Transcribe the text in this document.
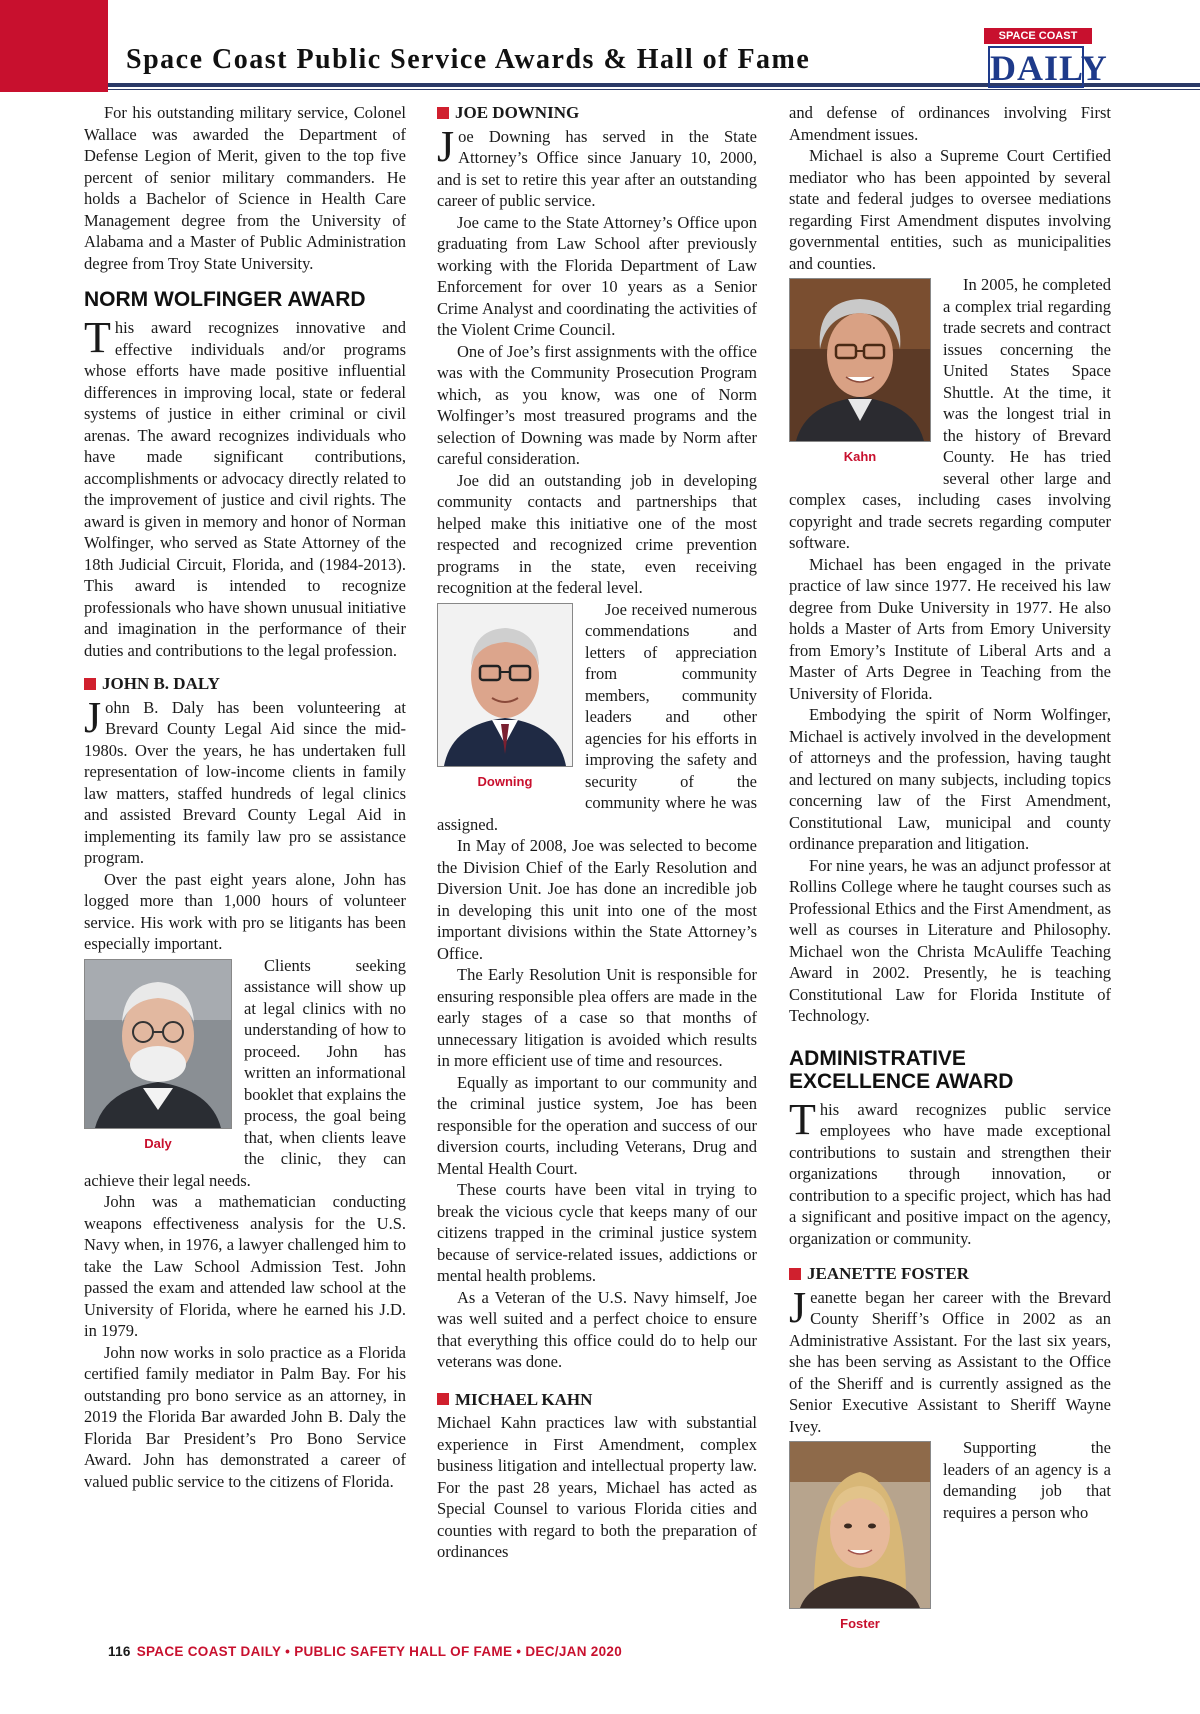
Space Coast Public Service Awards & Hall of Fame
SPACE COAST
DAILY

For his outstanding military service, Colonel Wallace was awarded the Department of Defense Legion of Merit, given to the top five percent of senior military commanders. He holds a Bachelor of Science in Health Care Management degree from the University of Alabama and a Master of Public Administration degree from Troy State University.

NORM WOLFINGER AWARD

This award recognizes innovative and effective individuals and/or programs whose efforts have made positive influential differences in improving local, state or federal systems of justice in either criminal or civil arenas. The award recognizes individuals who have made significant contributions, accomplishments or advocacy directly related to the improvement of justice and civil rights. The award is given in memory and honor of Norman Wolfinger, who served as State Attorney of the 18th Judicial Circuit, Florida, and (1984-2013). This award is intended to recognize professionals who have shown unusual initiative and imagination in the performance of their duties and contributions to the legal profession.

JOHN B. DALY

John B. Daly has been volunteering at Brevard County Legal Aid since the mid-1980s. Over the years, he has undertaken full representation of low-income clients in family law matters, staffed hundreds of legal clinics and assisted Brevard County Legal Aid in implementing its family law pro se assistance program.

Over the past eight years alone, John has logged more than 1,000 hours of volunteer service. His work with pro se litigants has been especially important.

Daly

Clients seeking assistance will show up at legal clinics with no understanding of how to proceed. John has written an informational booklet that explains the process, the goal being that, when clients leave the clinic, they can achieve their legal needs.

John was a mathematician conducting weapons effectiveness analysis for the U.S. Navy when, in 1976, a lawyer challenged him to take the Law School Admission Test. John passed the exam and attended law school at the University of Florida, where he earned his J.D. in 1979.

John now works in solo practice as a Florida certified family mediator in Palm Bay. For his outstanding pro bono service as an attorney, in 2019 the Florida Bar awarded John B. Daly the Florida Bar President’s Pro Bono Service Award. John has demonstrated a career of valued public service to the citizens of Florida.

JOE DOWNING

Joe Downing has served in the State Attorney’s Office since January 10, 2000, and is set to retire this year after an outstanding career of public service.

Joe came to the State Attorney’s Office upon graduating from Law School after previously working with the Florida Department of Law Enforcement for over 10 years as a Senior Crime Analyst and coordinating the activities of the Violent Crime Council.

One of Joe’s first assignments with the office was with the Community Prosecution Program which, as you know, was one of Norm Wolfinger’s most treasured programs and the selection of Downing was made by Norm after careful consideration.

Joe did an outstanding job in developing community contacts and partnerships that helped make this initiative one of the most respected and recognized crime prevention programs in the state, even receiving recognition at the federal level.

Downing

Joe received numerous commendations and letters of appreciation from community members, community leaders and other agencies for his efforts in improving the safety and security of the community where he was assigned.

In May of 2008, Joe was selected to become the Division Chief of the Early Resolution and Diversion Unit. Joe has done an incredible job in developing this unit into one of the most important divisions within the State Attorney’s Office.

The Early Resolution Unit is responsible for ensuring responsible plea offers are made in the early stages of a case so that months of unnecessary litigation is avoided which results in more efficient use of time and resources.

Equally as important to our community and the criminal justice system, Joe has been responsible for the operation and success of our diversion courts, including Veterans, Drug and Mental Health Court.

These courts have been vital in trying to break the vicious cycle that keeps many of our citizens trapped in the criminal justice system because of service-related issues, addictions or mental health problems.

As a Veteran of the U.S. Navy himself, Joe was well suited and a perfect choice to ensure that everything this office could do to help our veterans was done.

MICHAEL KAHN

Michael Kahn practices law with substantial experience in First Amendment, complex business litigation and intellectual property law. For the past 28 years, Michael has acted as Special Counsel to various Florida cities and counties with regard to both the preparation of ordinances

and defense of ordinances involving First Amendment issues.

Michael is also a Supreme Court Certified mediator who has been appointed by several state and federal judges to oversee mediations regarding First Amendment disputes involving governmental entities, such as municipalities and counties.

Kahn

In 2005, he completed a complex trial regarding trade secrets and contract issues concerning the United States Space Shuttle. At the time, it was the longest trial in the history of Brevard County. He has tried several other large and complex cases, including cases involving copyright and trade secrets regarding computer software.

Michael has been engaged in the private practice of law since 1977. He received his law degree from Duke University in 1977. He also holds a Master of Arts from Emory University from Emory’s Institute of Liberal Arts and a Master of Arts Degree in Teaching from the University of Florida.

Embodying the spirit of Norm Wolfinger, Michael is actively involved in the development of attorneys and the profession, having taught and lectured on many subjects, including topics concerning law of the First Amendment, Constitutional Law, municipal and county ordinance preparation and litigation.

For nine years, he was an adjunct professor at Rollins College where he taught courses such as Professional Ethics and the First Amendment, as well as courses in Literature and Philosophy. Michael won the Christa McAuliffe Teaching Award in 2002. Presently, he is teaching Constitutional Law for Florida Institute of Technology.

ADMINISTRATIVE EXCELLENCE AWARD

This award recognizes public service employees who have made exceptional contributions to sustain and strengthen their organizations through innovation, or contribution to a specific project, which has had a significant and positive impact on the agency, organization or community.

JEANETTE FOSTER

Jeanette began her career with the Brevard County Sheriff’s Office in 2002 as an Administrative Assistant. For the last six years, she has been serving as Assistant to the Office of the Sheriff and is currently assigned as the Senior Executive Assistant to Sheriff Wayne Ivey.

Foster

Supporting the leaders of an agency is a demanding job that requires a person who

116 SPACE COAST DAILY • PUBLIC SAFETY HALL OF FAME • DEC/JAN 2020
